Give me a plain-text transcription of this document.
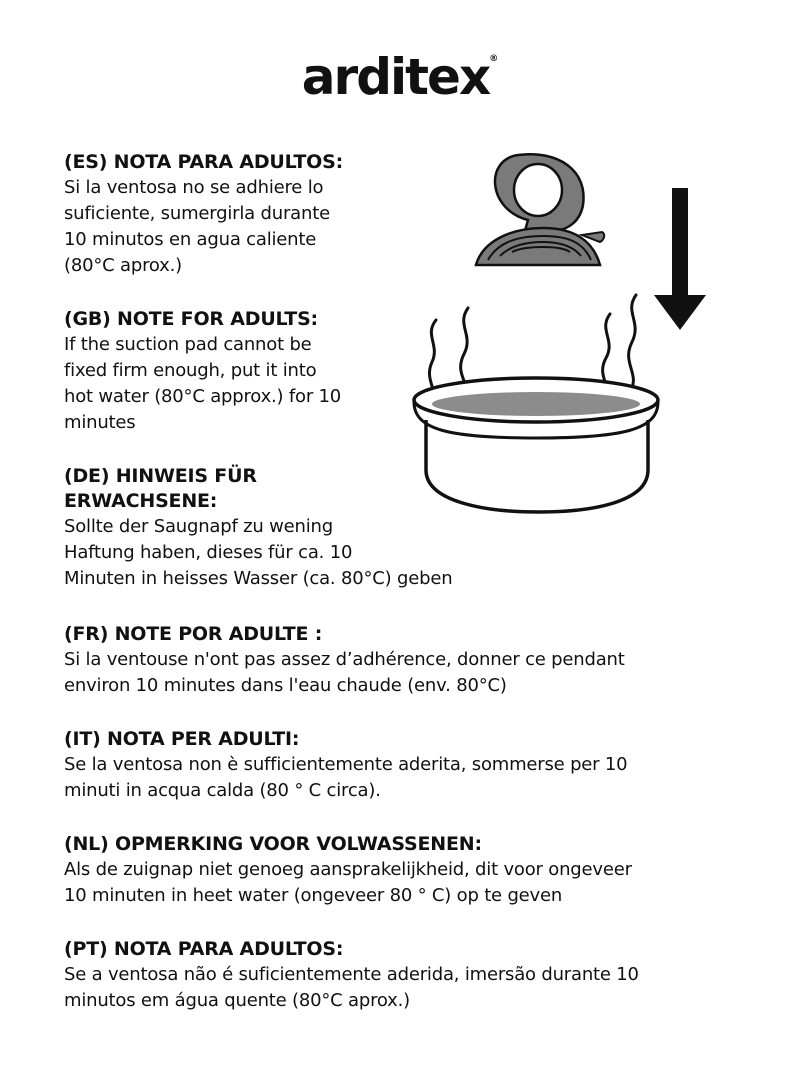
arditex®
(ES) NOTA PARA ADULTOS:

Si la ventosa no se adhiere lo
suficiente, sumergirla durante
10 minutos en agua caliente
(80°C aprox.)

(GB) NOTE FOR ADULTS:

If the suction pad cannot be
fixed firm enough, put it into
hot water (80°C approx.) for 10
minutes

(DE) HINWEIS FÜR
ERWACHSENE:

Sollte der Saugnapf zu wening
Haftung haben, dieses für ca. 10
Minuten in heisses Wasser (ca. 80°C) geben

(FR) NOTE POR ADULTE :

Si la ventouse n'ont pas assez d’adhérence, donner ce pendant
environ 10 minutes dans l'eau chaude (env. 80°C)

(IT) NOTA PER ADULTI:

Se la ventosa non è sufficientemente aderita, sommerse per 10
minuti in acqua calda (80 ° C circa).

(NL) OPMERKING VOOR VOLWASSENEN:

Als de zuignap niet genoeg aansprakelijkheid, dit voor ongeveer
10 minuten in heet water (ongeveer 80 ° C) op te geven

(PT) NOTA PARA ADULTOS:

Se a ventosa não é suficientemente aderida, imersão durante 10
minutos em água quente (80°C aprox.)
